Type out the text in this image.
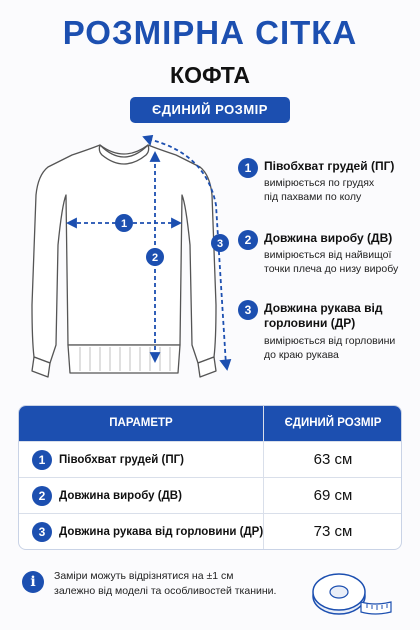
РОЗМІРНА СІТКА
КОФТА
ЄДИНИЙ РОЗМІР
1
2
3
1	Півобхват грудей (ПГ)
вимірюється по грудях
під пахвами по колу
2	Довжина виробу (ДВ)
вимірюється від найвищої
точки плеча до низу виробу
3	Довжина рукава від
горловини (ДР)
вимірюється від горловини
до краю рукава
ПАРАМЕТР	ЄДИНИЙ РОЗМІР
1	Півобхват грудей (ПГ)	63 см
2	Довжина виробу (ДВ)	69 см
3	Довжина рукава від горловини (ДР)	73 см
i	Заміри можуть відрізнятися на ±1 см
залежно від моделі та особливостей тканини.
